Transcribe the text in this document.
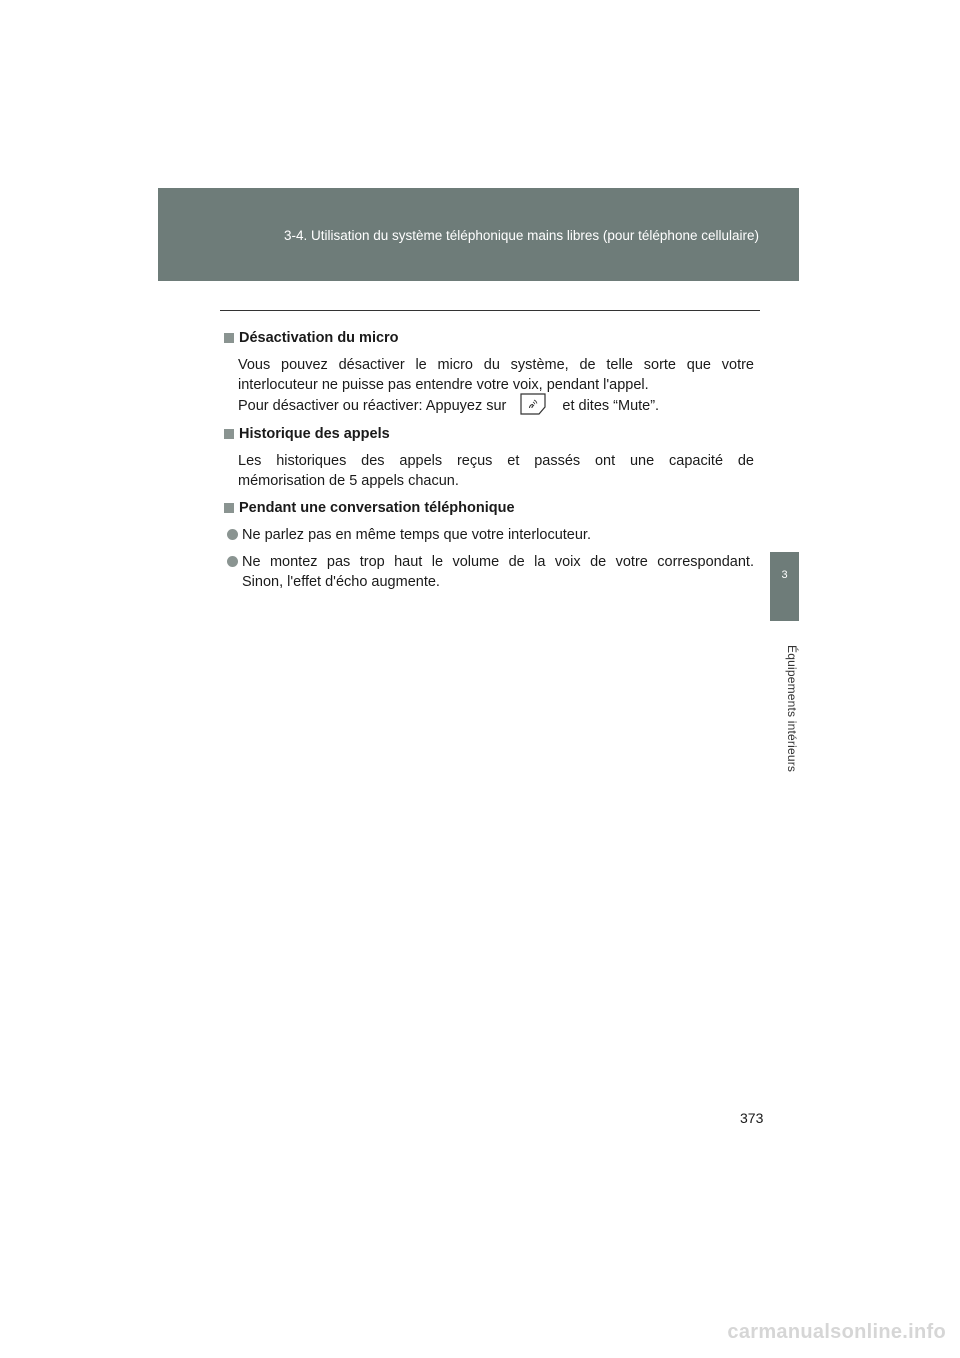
3-4. Utilisation du système téléphonique mains libres (pour téléphone cellulaire)
3
Équipements intérieurs
Désactivation du micro
Vous pouvez désactiver le micro du système, de telle sorte que votre
interlocuteur ne puisse pas entendre votre voix, pendant l'appel.
Pour désactiver ou réactiver: Appuyez sur	et dites “Mute”.
Historique des appels
Les historiques des appels reçus et passés ont une capacité de
mémorisation de 5 appels chacun.
Pendant une conversation téléphonique
Ne parlez pas en même temps que votre interlocuteur.
Ne montez pas trop haut le volume de la voix de votre correspondant.
Sinon, l'effet d'écho augmente.
373
carmanualsonline.info
